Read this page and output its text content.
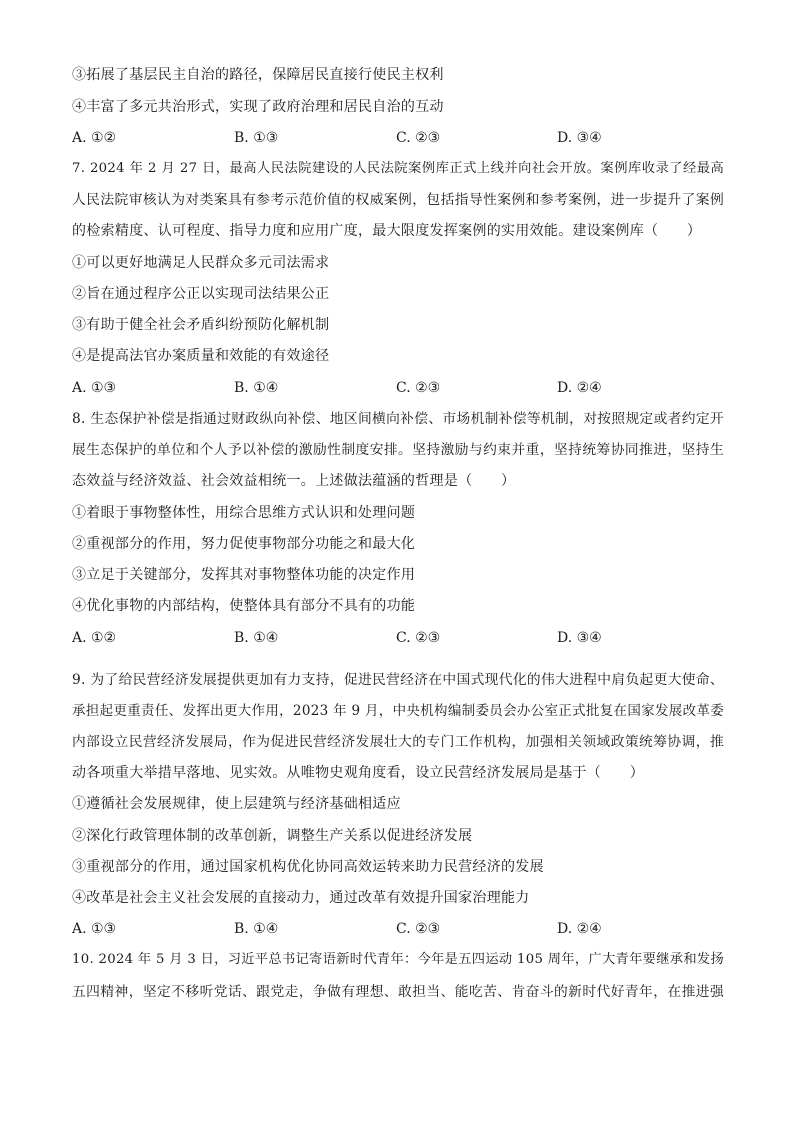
③拓展了基层民主自治的路径，保障居民直接行使民主权利
④丰富了多元共治形式，实现了政府治理和居民自治的互动
A. ①②	B. ①③	C. ②③	D. ③④
7. 2024 年 2 月 27 日，最高人民法院建设的人民法院案例库正式上线并向社会开放。案例库收录了经最高
人民法院审核认为对类案具有参考示范价值的权威案例，包括指导性案例和参考案例，进一步提升了案例
的检索精度、认可程度、指导力度和应用广度，最大限度发挥案例的实用效能。建设案例库（　　）
①可以更好地满足人民群众多元司法需求
②旨在通过程序公正以实现司法结果公正
③有助于健全社会矛盾纠纷预防化解机制
④是提高法官办案质量和效能的有效途径
A. ①③	B. ①④	C. ②③	D. ②④
8. 生态保护补偿是指通过财政纵向补偿、地区间横向补偿、市场机制补偿等机制，对按照规定或者约定开
展生态保护的单位和个人予以补偿的激励性制度安排。坚持激励与约束并重，坚持统筹协同推进，坚持生
态效益与经济效益、社会效益相统一。上述做法蕴涵的哲理是（　　）
①着眼于事物整体性，用综合思维方式认识和处理问题
②重视部分的作用，努力促使事物部分功能之和最大化
③立足于关键部分，发挥其对事物整体功能的决定作用
④优化事物的内部结构，使整体具有部分不具有的功能
A. ①②	B. ①④	C. ②③	D. ③④
9. 为了给民营经济发展提供更加有力支持，促进民营经济在中国式现代化的伟大进程中肩负起更大使命、
承担起更重责任、发挥出更大作用，2023 年 9 月，中央机构编制委员会办公室正式批复在国家发展改革委
内部设立民营经济发展局，作为促进民营经济发展壮大的专门工作机构，加强相关领域政策统筹协调，推
动各项重大举措早落地、见实效。从唯物史观角度看，设立民营经济发展局是基于（　　）
①遵循社会发展规律，使上层建筑与经济基础相适应
②深化行政管理体制的改革创新，调整生产关系以促进经济发展
③重视部分的作用，通过国家机构优化协同高效运转来助力民营经济的发展
④改革是社会主义社会发展的直接动力，通过改革有效提升国家治理能力
A. ①③	B. ①④	C. ②③	D. ②④
10. 2024 年 5 月 3 日，习近平总书记寄语新时代青年：今年是五四运动 105 周年，广大青年要继承和发扬
五四精神，坚定不移听党话、跟党走，争做有理想、敢担当、能吃苦、肯奋斗的新时代好青年，在推进强
